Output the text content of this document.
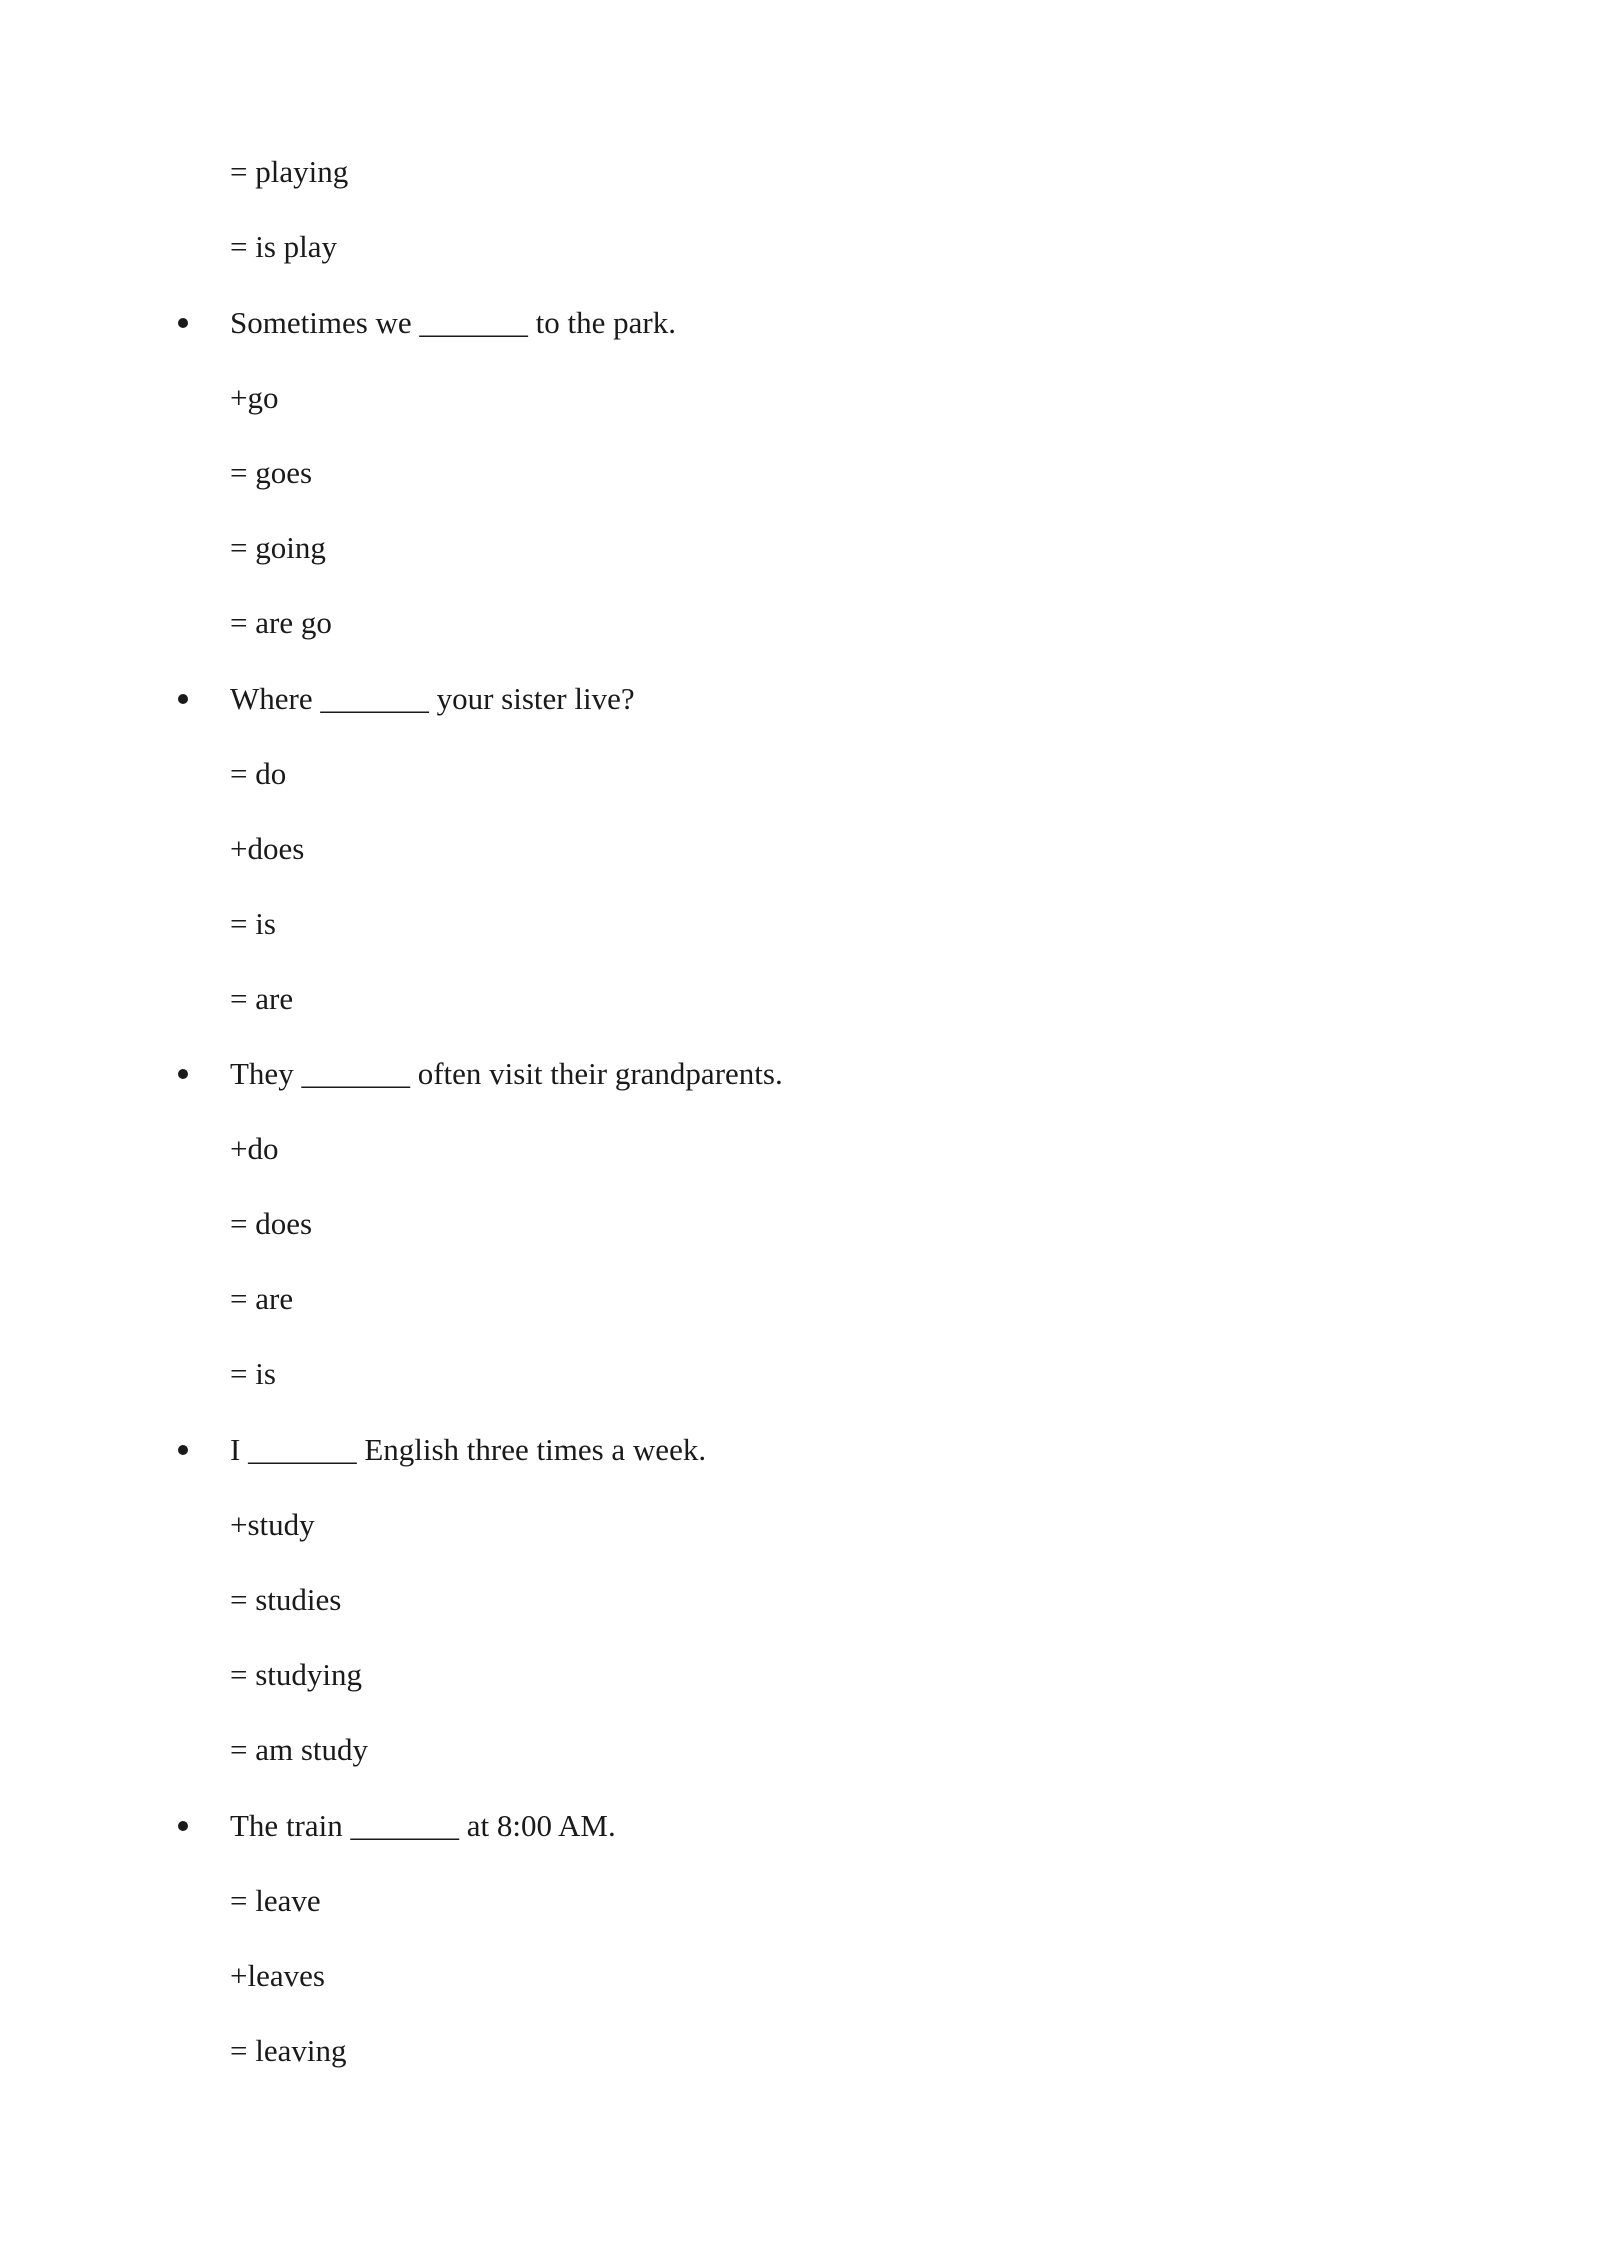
= playing
= is play
Sometimes we _______ to the park.
+go
= goes
= going
= are go
Where _______ your sister live?
= do
+does
= is
= are
They _______ often visit their grandparents.
+do
= does
= are
= is
I _______ English three times a week.
+study
= studies
= studying
= am study
The train _______ at 8:00 AM.
= leave
+leaves
= leaving
